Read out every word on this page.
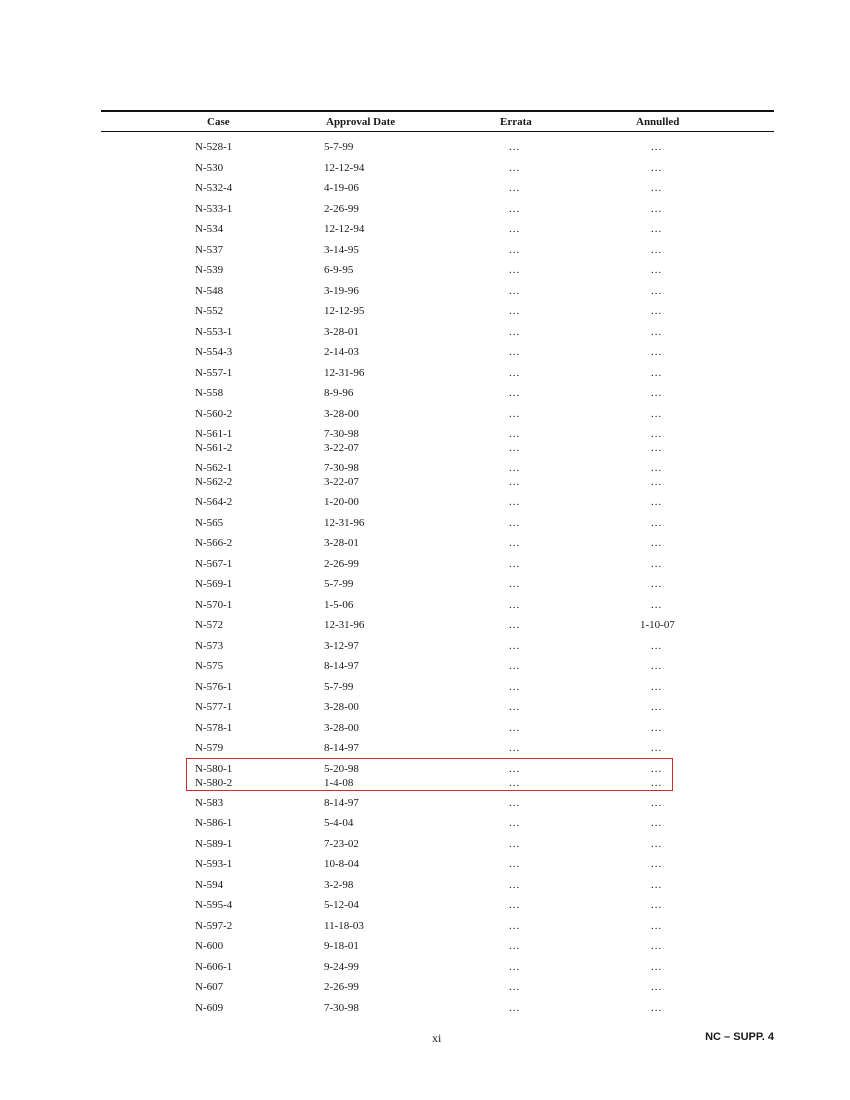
Case	Approval Date	Errata	Annulled
N-528-1	5-7-99	...	...
N-530	12-12-94	...	...
N-532-4	4-19-06	...	...
N-533-1	2-26-99	...	...
N-534	12-12-94	...	...
N-537	3-14-95	...	...
N-539	6-9-95	...	...
N-548	3-19-96	...	...
N-552	12-12-95	...	...
N-553-1	3-28-01	...	...
N-554-3	2-14-03	...	...
N-557-1	12-31-96	...	...
N-558	8-9-96	...	...
N-560-2	3-28-00	...	...
N-561-1	7-30-98	...	...
N-561-2	3-22-07	...	...
N-562-1	7-30-98	...	...
N-562-2	3-22-07	...	...
N-564-2	1-20-00	...	...
N-565	12-31-96	...	...
N-566-2	3-28-01	...	...
N-567-1	2-26-99	...	...
N-569-1	5-7-99	...	...
N-570-1	1-5-06	...	...
N-572	12-31-96	...	1-10-07
N-573	3-12-97	...	...
N-575	8-14-97	...	...
N-576-1	5-7-99	...	...
N-577-1	3-28-00	...	...
N-578-1	3-28-00	...	...
N-579	8-14-97	...	...
N-580-1	5-20-98	...	...
N-580-2	1-4-08	...	...
N-583	8-14-97	...	...
N-586-1	5-4-04	...	...
N-589-1	7-23-02	...	...
N-593-1	10-8-04	...	...
N-594	3-2-98	...	...
N-595-4	5-12-04	...	...
N-597-2	11-18-03	...	...
N-600	9-18-01	...	...
N-606-1	9-24-99	...	...
N-607	2-26-99	...	...
N-609	7-30-98	...	...
xi	NC – SUPP. 4
